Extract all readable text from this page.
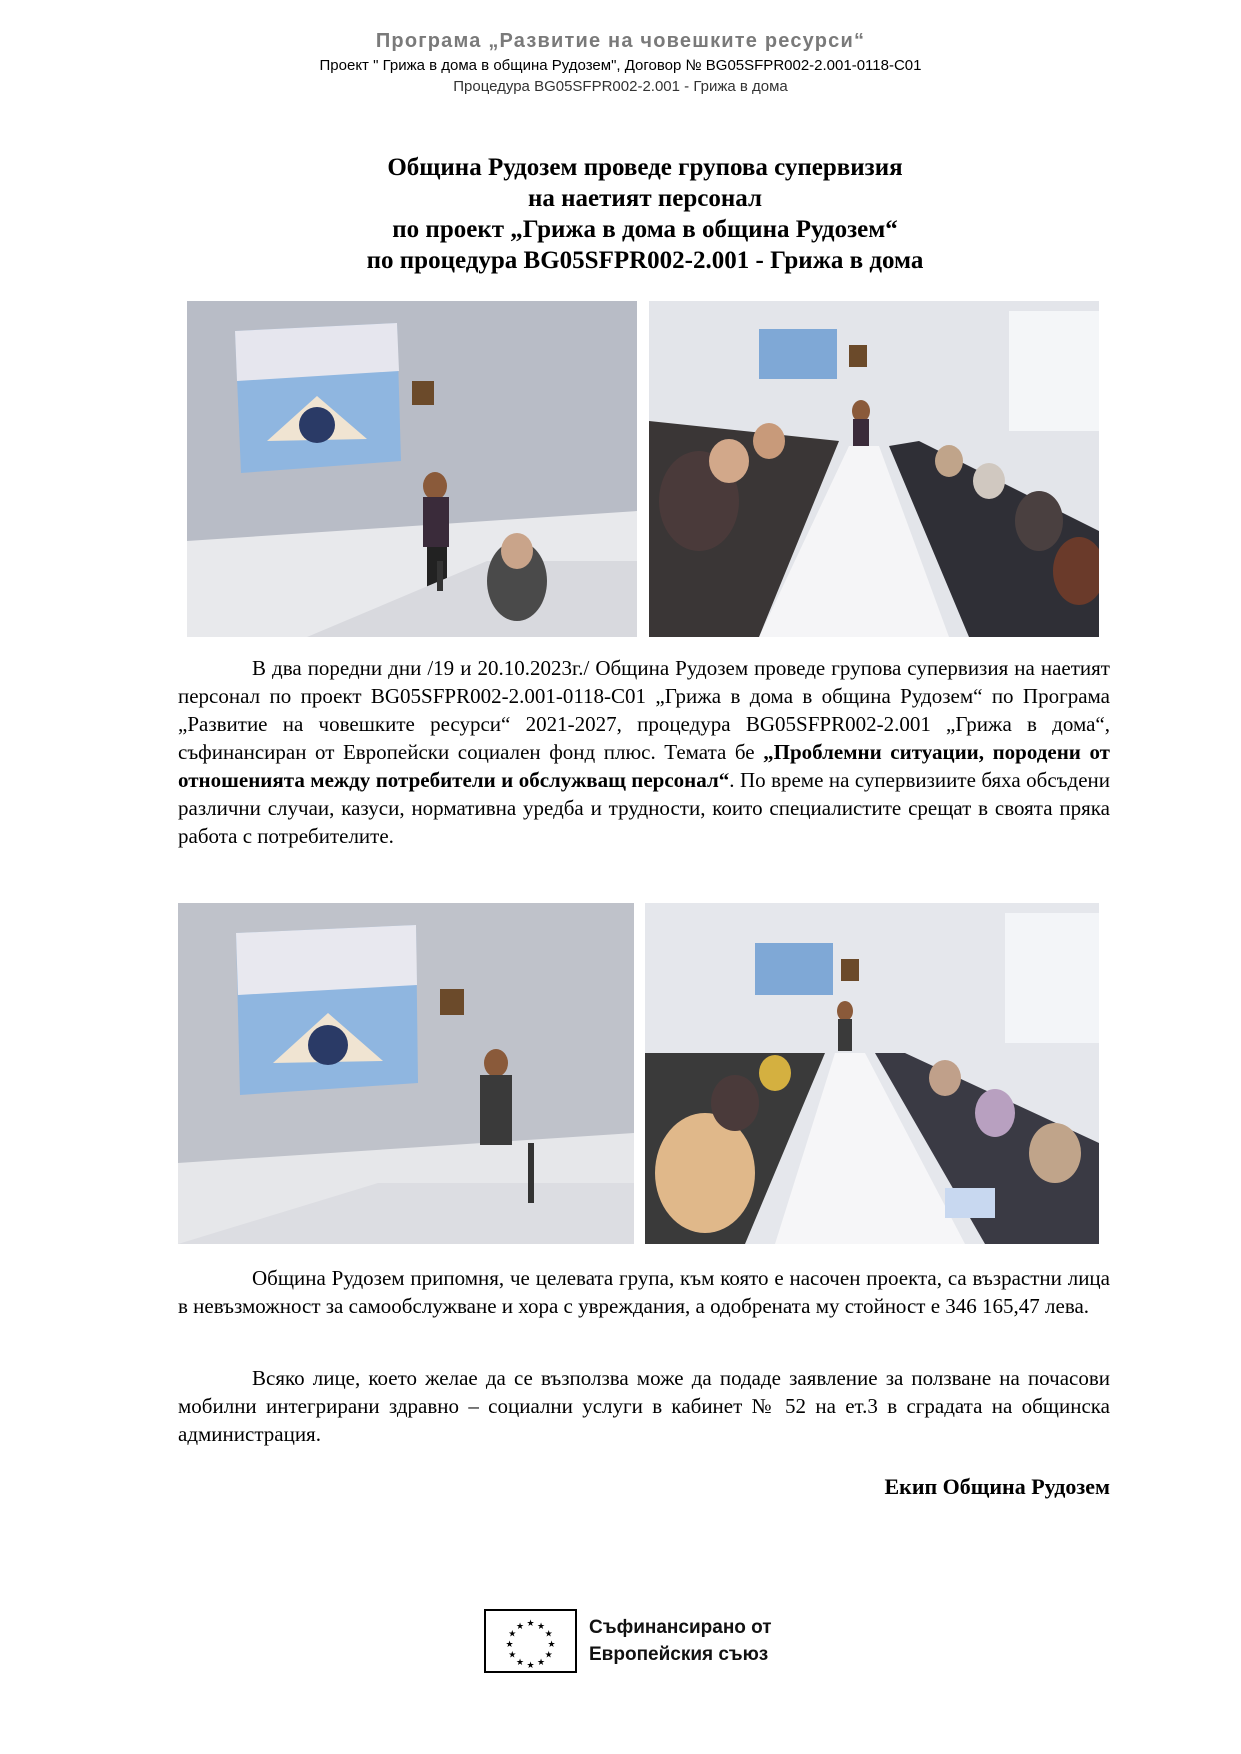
Програма „Развитие на човешките ресурси“
Проект " Грижа в дома в община Рудозем", Договор № BG05SFPR002-2.001-0118-C01
Процедура BG05SFPR002-2.001 - Грижа в дома
Община Рудозем проведе групова супервизия
на наетият персонал
по проект „Грижа в дома в община Рудозем“
по процедура BG05SFPR002-2.001 - Грижа в дома
В два поредни дни /19 и 20.10.2023г./ Община Рудозем проведе групова супервизия на наетият персонал по проект BG05SFPR002-2.001-0118-C01 „Грижа в дома в община Рудозем“ по Програма „Развитие на човешките ресурси“ 2021-2027, процедура BG05SFPR002-2.001 „Грижа в дома“, съфинансиран от Европейски социален фонд плюс. Темата бе „Проблемни ситуации, породени от отношенията между потребители и обслужващ персонал“. По време на супервизиите бяха обсъдени различни случаи, казуси, нормативна уредба и трудности, които специалистите срещат в своята пряка работа с потребителите.
Община Рудозем припомня, че целевата група, към която е насочен проекта, са възрастни лица в невъзможност за самообслужване и хора с увреждания, а одобрената му стойност е 346 165,47 лева.
Всяко лице, което желае да се възползва може да подаде заявление за ползване на почасови мобилни интегрирани здравно – социални услуги в кабинет № 52 на ет.3 в сградата на общинска администрация.
Екип Община Рудозем
★ ★
★
★
★
★
★
★
★
★
★
★	Съфинансирано от
Европейския съюз
